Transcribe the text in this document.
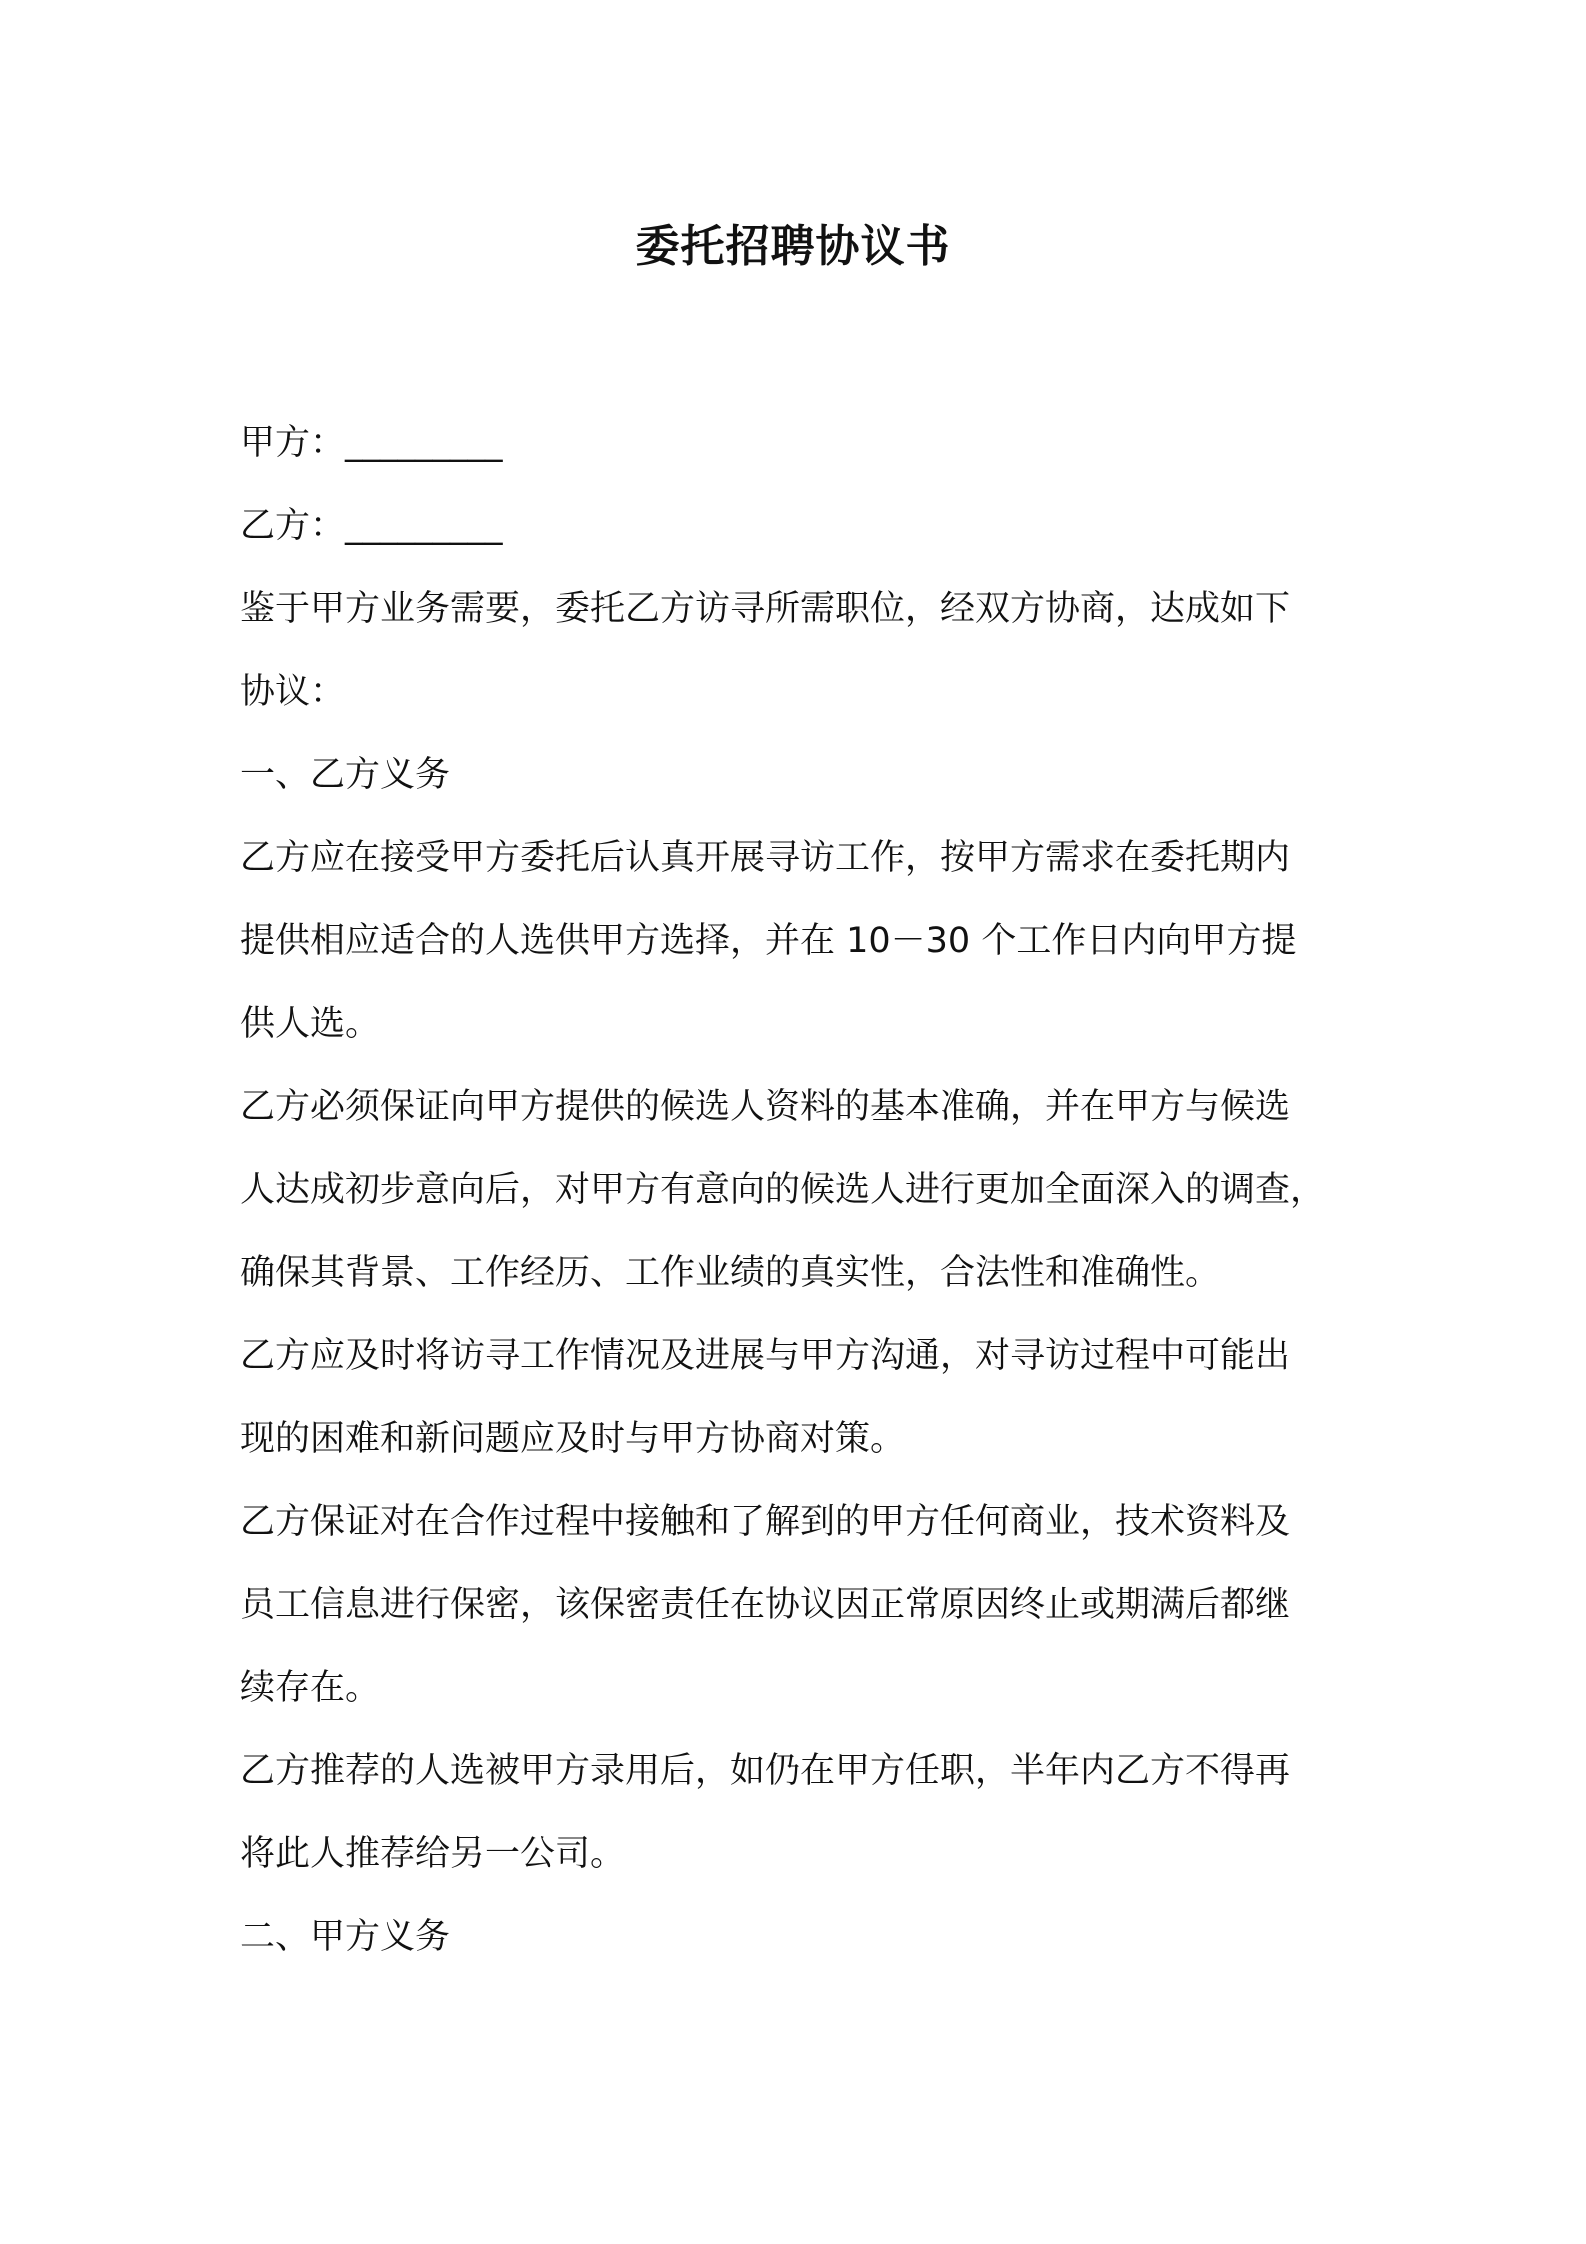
委托招聘协议书
甲方：_________
乙方：_________
鉴于甲方业务需要，委托乙方访寻所需职位，经双方协商，达成如下
协议：
一、乙方义务
乙方应在接受甲方委托后认真开展寻访工作，按甲方需求在委托期内
提供相应适合的人选供甲方选择，并在 10－30 个工作日内向甲方提
供人选。
乙方必须保证向甲方提供的候选人资料的基本准确，并在甲方与候选
人达成初步意向后，对甲方有意向的候选人进行更加全面深入的调查，
确保其背景、工作经历、工作业绩的真实性，合法性和准确性。
乙方应及时将访寻工作情况及进展与甲方沟通，对寻访过程中可能出
现的困难和新问题应及时与甲方协商对策。
乙方保证对在合作过程中接触和了解到的甲方任何商业，技术资料及
员工信息进行保密，该保密责任在协议因正常原因终止或期满后都继
续存在。
乙方推荐的人选被甲方录用后，如仍在甲方任职，半年内乙方不得再
将此人推荐给另一公司。
二、甲方义务
